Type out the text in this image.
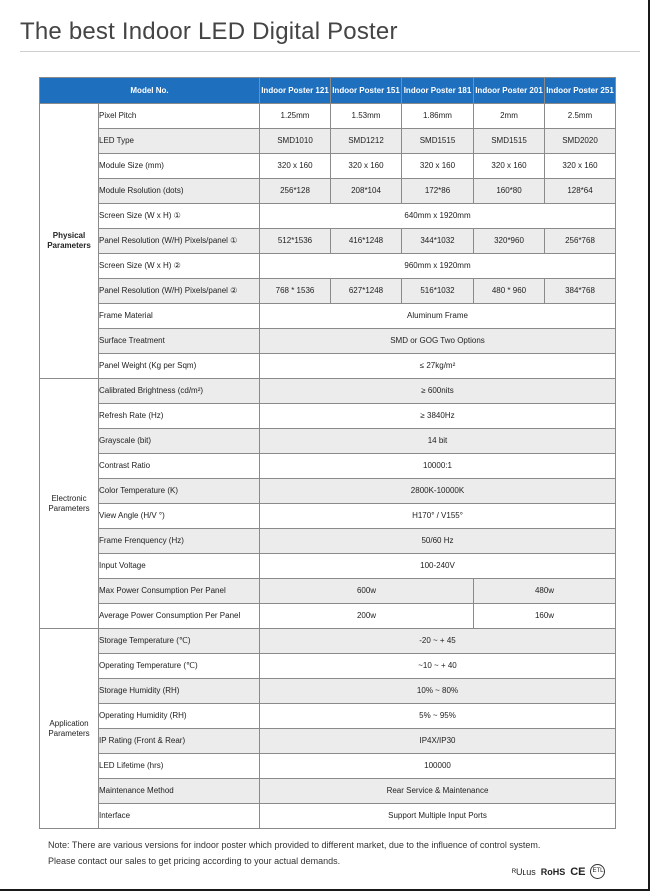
The best Indoor LED Digital Poster
Model No.		Indoor Poster 121	Indoor Poster 151	Indoor Poster 181	Indoor Poster 201	Indoor Poster 251
Physical Parameters	Pixel Pitch	1.25mm	1.53mm	1.86mm	2mm	2.5mm
	LED Type	SMD1010	SMD1212	SMD1515	SMD1515	SMD2020
	Module Size (mm)	320 x 160	320 x 160	320 x 160	320 x 160	320 x 160
	Module Rsolution (dots)	256*128	208*104	172*86	160*80	128*64
	Screen Size (W x H) ①	640mm x 1920mm				
	Panel Resolution (W/H) Pixels/panel ①	512*1536	416*1248	344*1032	320*960	256*768
	Screen Size (W x H) ②	960mm x 1920mm				
	Panel Resolution (W/H) Pixels/panel ②	768 * 1536	627*1248	516*1032	480 * 960	384*768
	Frame Material	Aluminum Frame				
	Surface Treatment	SMD or GOG Two Options				
	Panel Weight (Kg per Sqm)	≤ 27kg/m²				
Electronic Parameters	Calibrated Brightness (cd/m²)	≥ 600nits				
	Refresh Rate (Hz)	≥ 3840Hz				
	Grayscale (bit)	14 bit				
	Contrast Ratio	10000:1				
	Color Temperature (K)	2800K-10000K				
	View Angle (H/V °)	H170° / V155°				
	Frame Frenquency (Hz)	50/60 Hz				
	Input Voltage	100-240V				
	Max Power Consumption Per Panel	600w			480w	
	Average Power Consumption Per Panel	200w			160w	
Application Parameters	Storage Temperature (℃)	-20 ~ + 45				
	Operating Temperature (℃)	~10 ~ + 40				
	Storage Humidity (RH)	10% ~ 80%				
	Operating Humidity (RH)	5% ~ 95%				
	IP Rating (Front & Rear)	IP4X/IP30				
	LED Lifetime (hrs)	100000				
	Maintenance Method	Rear Service & Maintenance				
	Interface	Support Multiple Input Ports				
Note: There are various versions for indoor poster which provided to different market, due to the influence of control system.
Please contact our sales to get pricing according to your actual demands.
ᴿUʟus RoHS CE	ETL
